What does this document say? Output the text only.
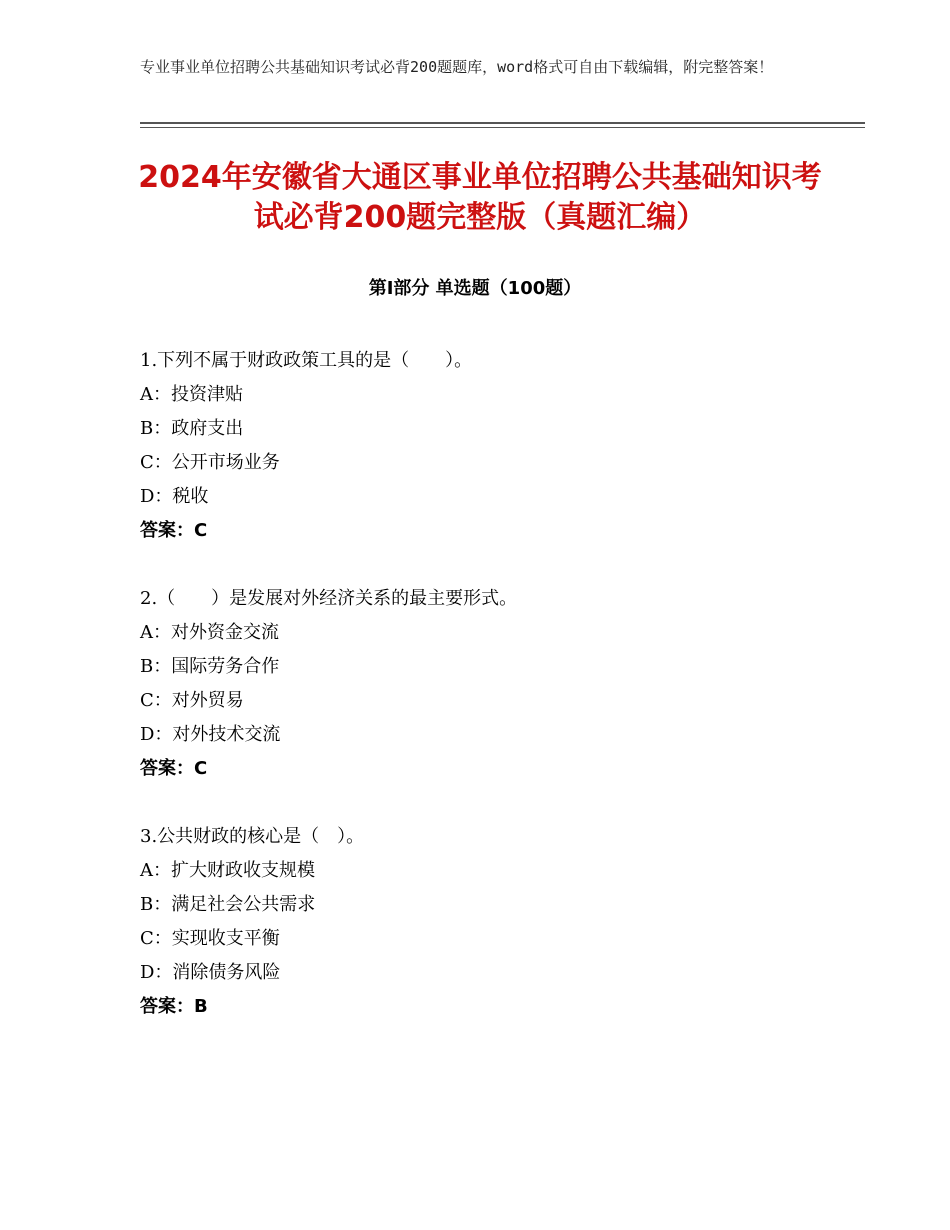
专业事业单位招聘公共基础知识考试必背200题题库，word格式可自由下载编辑，附完整答案！
2024年安徽省大通区事业单位招聘公共基础知识考试必背200题完整版（真题汇编）
第Ⅰ部分 单选题（100题）
1.下列不属于财政政策工具的是（　　）。
A：投资津贴
B：政府支出
C：公开市场业务
D：税收
答案：C
2.（　　）是发展对外经济关系的最主要形式。
A：对外资金交流
B：国际劳务合作
C：对外贸易
D：对外技术交流
答案：C
3.公共财政的核心是（　）。
A：扩大财政收支规模
B：满足社会公共需求
C：实现收支平衡
D：消除债务风险
答案：B
